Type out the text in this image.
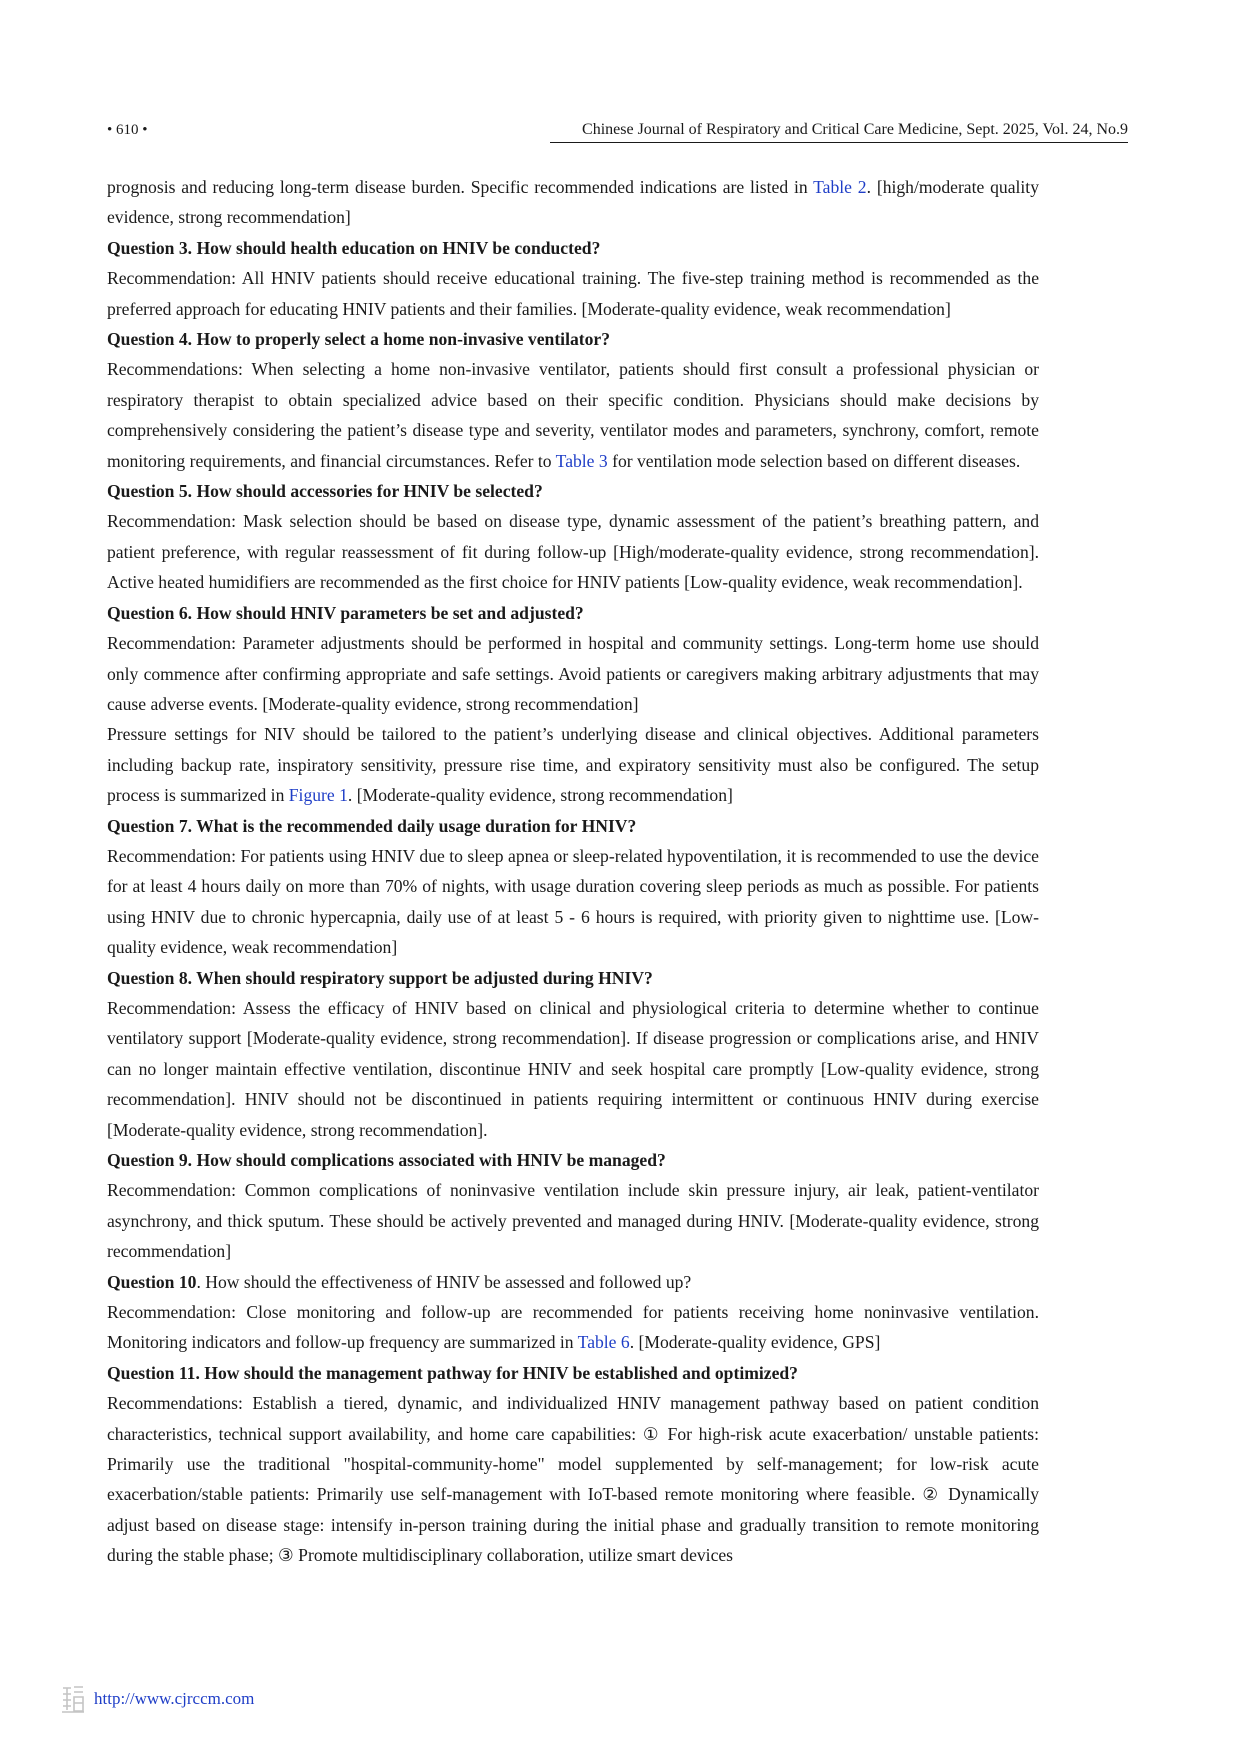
• 610 •	Chinese Journal of Respiratory and Critical Care Medicine, Sept. 2025, Vol. 24, No.9

prognosis and reducing long-term disease burden. Specific recommended indications are listed in Table 2. [high/moderate quality evidence, strong recommendation]

Question 3. How should health education on HNIV be conducted?

Recommendation: All HNIV patients should receive educational training. The five-step training method is recommended as the preferred approach for educating HNIV patients and their families. [Moderate-quality evidence, weak recommendation]

Question 4. How to properly select a home non-invasive ventilator?

Recommendations: When selecting a home non-invasive ventilator, patients should first consult a professional physician or respiratory therapist to obtain specialized advice based on their specific condition. Physicians should make decisions by comprehensively considering the patient’s disease type and severity, ventilator modes and parameters, synchrony, comfort, remote monitoring requirements, and financial circumstances. Refer to Table 3 for ventilation mode selection based on different diseases.

Question 5. How should accessories for HNIV be selected?

Recommendation: Mask selection should be based on disease type, dynamic assessment of the patient’s breathing pattern, and patient preference, with regular reassessment of fit during follow-up [High/moderate-quality evidence, strong recommendation]. Active heated humidifiers are recommended as the first choice for HNIV patients [Low-quality evidence, weak recommendation].

Question 6. How should HNIV parameters be set and adjusted?

Recommendation: Parameter adjustments should be performed in hospital and community settings. Long-term home use should only commence after confirming appropriate and safe settings. Avoid patients or caregivers making arbitrary adjustments that may cause adverse events. [Moderate-quality evidence, strong recommendation]

Pressure settings for NIV should be tailored to the patient’s underlying disease and clinical objectives. Additional parameters including backup rate, inspiratory sensitivity, pressure rise time, and expiratory sensitivity must also be configured. The setup process is summarized in Figure 1. [Moderate-quality evidence, strong recommendation]

Question 7. What is the recommended daily usage duration for HNIV?

Recommendation: For patients using HNIV due to sleep apnea or sleep-related hypoventilation, it is recommended to use the device for at least 4 hours daily on more than 70% of nights, with usage duration covering sleep periods as much as possible. For patients using HNIV due to chronic hypercapnia, daily use of at least 5 - 6 hours is required, with priority given to nighttime use. [Low-quality evidence, weak recommendation]

Question 8. When should respiratory support be adjusted during HNIV?

Recommendation: Assess the efficacy of HNIV based on clinical and physiological criteria to determine whether to continue ventilatory support [Moderate-quality evidence, strong recommendation]. If disease progression or complications arise, and HNIV can no longer maintain effective ventilation, discontinue HNIV and seek hospital care promptly [Low-quality evidence, strong recommendation]. HNIV should not be discontinued in patients requiring intermittent or continuous HNIV during exercise [Moderate-quality evidence, strong recommendation].

Question 9. How should complications associated with HNIV be managed?

Recommendation: Common complications of noninvasive ventilation include skin pressure injury, air leak, patient-ventilator asynchrony, and thick sputum. These should be actively prevented and managed during HNIV. [Moderate-quality evidence, strong recommendation]

Question 10. How should the effectiveness of HNIV be assessed and followed up?

Recommendation: Close monitoring and follow-up are recommended for patients receiving home noninvasive ventilation. Monitoring indicators and follow-up frequency are summarized in Table 6. [Moderate-quality evidence, GPS]

Question 11. How should the management pathway for HNIV be established and optimized?

Recommendations: Establish a tiered, dynamic, and individualized HNIV management pathway based on patient condition characteristics, technical support availability, and home care capabilities: ① For high-risk acute exacerbation/ unstable patients: Primarily use the traditional "hospital-community-home" model supplemented by self-management; for low-risk acute exacerbation/stable patients: Primarily use self-management with IoT-based remote monitoring where feasible. ② Dynamically adjust based on disease stage: intensify in-person training during the initial phase and gradually transition to remote monitoring during the stable phase; ③ Promote multidisciplinary collaboration, utilize smart devices

http://www.cjrccm.com
